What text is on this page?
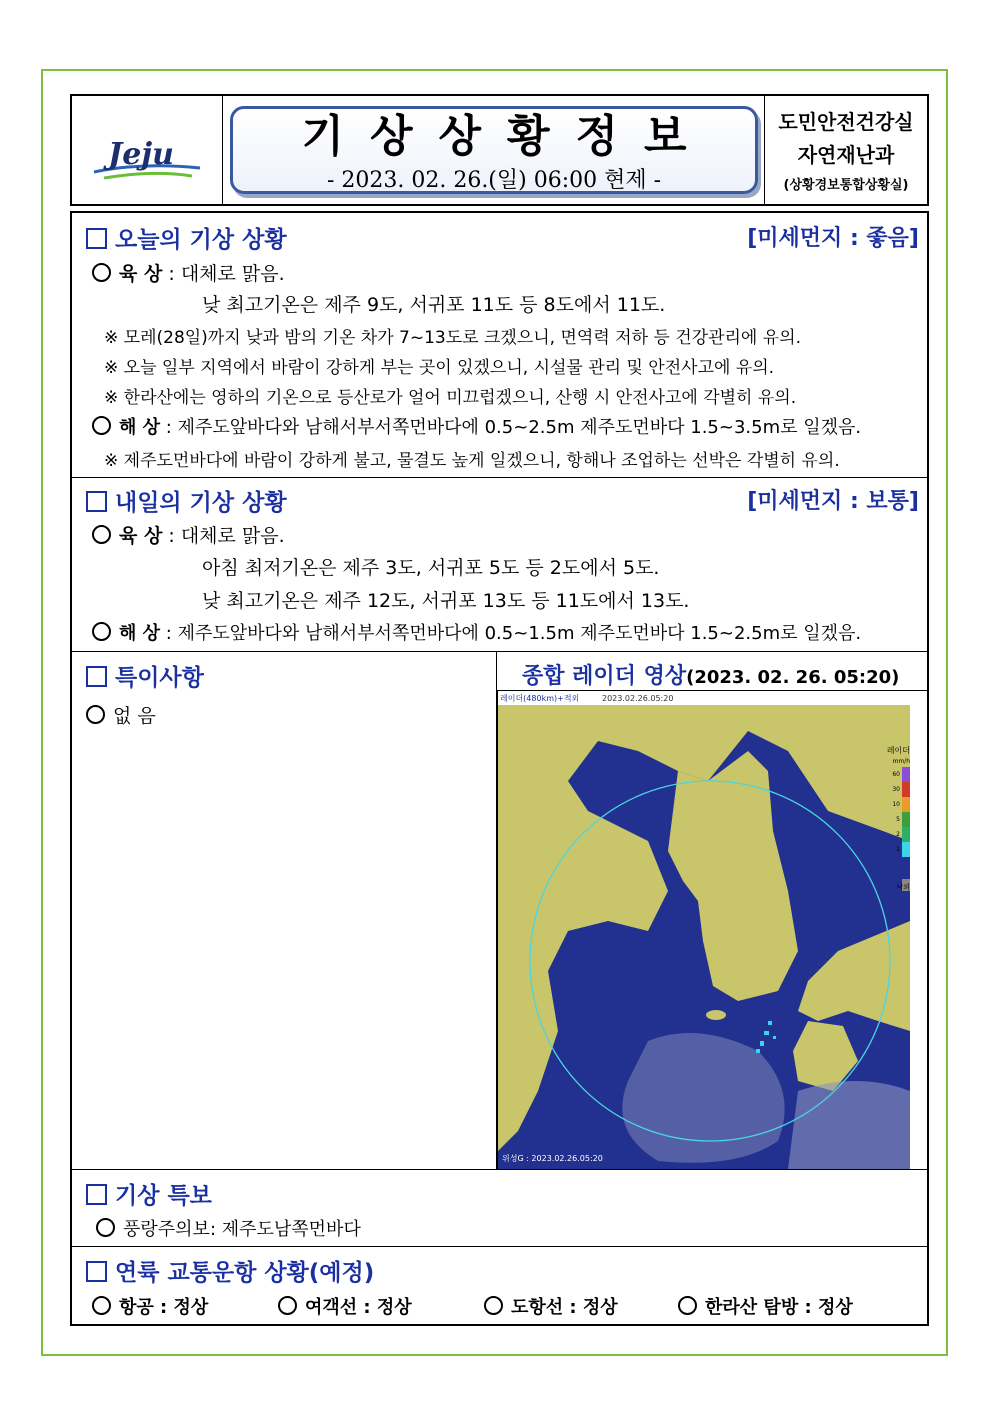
Jeju	기상상황정보
- 2023. 02. 26.(일) 06:00 현제 -
도민안전건강실
자연재난과
(상황경보통합상황실)
오늘의 기상 상황	[미세먼지 : 좋음]
육 상 : 대체로 맑음.
낮 최고기온은 제주 9도, 서귀포 11도 등 8도에서 11도.
※ 모레(28일)까지 낮과 밤의 기온 차가 7~13도로 크겠으니, 면역력 저하 등 건강관리에 유의.
※ 오늘 일부 지역에서 바람이 강하게 부는 곳이 있겠으니, 시설물 관리 및 안전사고에 유의.
※ 한라산에는 영하의 기온으로 등산로가 얼어 미끄럽겠으니, 산행 시 안전사고에 각별히 유의.
해 상 : 제주도앞바다와 남해서부서쪽먼바다에 0.5~2.5m 제주도먼바다 1.5~3.5m로 일겠음.
※ 제주도먼바다에 바람이 강하게 불고, 물결도 높게 일겠으니, 항해나 조업하는 선박은 각별히 유의.
내일의 기상 상황	[미세먼지 : 보통]
육 상 : 대체로 맑음.
아침 최저기온은 제주 3도, 서귀포 5도 등 2도에서 5도.
낮 최고기온은 제주 12도, 서귀포 13도 등 11도에서 13도.
해 상 : 제주도앞바다와 남해서부서쪽먼바다에 0.5~1.5m 제주도먼바다 1.5~2.5m로 일겠음.
특이사항
없 음
종합 레이더 영상(2023. 02. 26. 05:20)
레이더
mm/h
60
30
10
5
2
1
낙뢰
레이더(480km)+적외	2023.02.26.05:20
위성G : 2023.02.26.05:20
기상 특보
풍랑주의보: 제주도남쪽먼바다
연륙 교통운항 상황(예정)
항공 : 정상	여객선 : 정상	도항선 : 정상	한라산 탐방 : 정상
